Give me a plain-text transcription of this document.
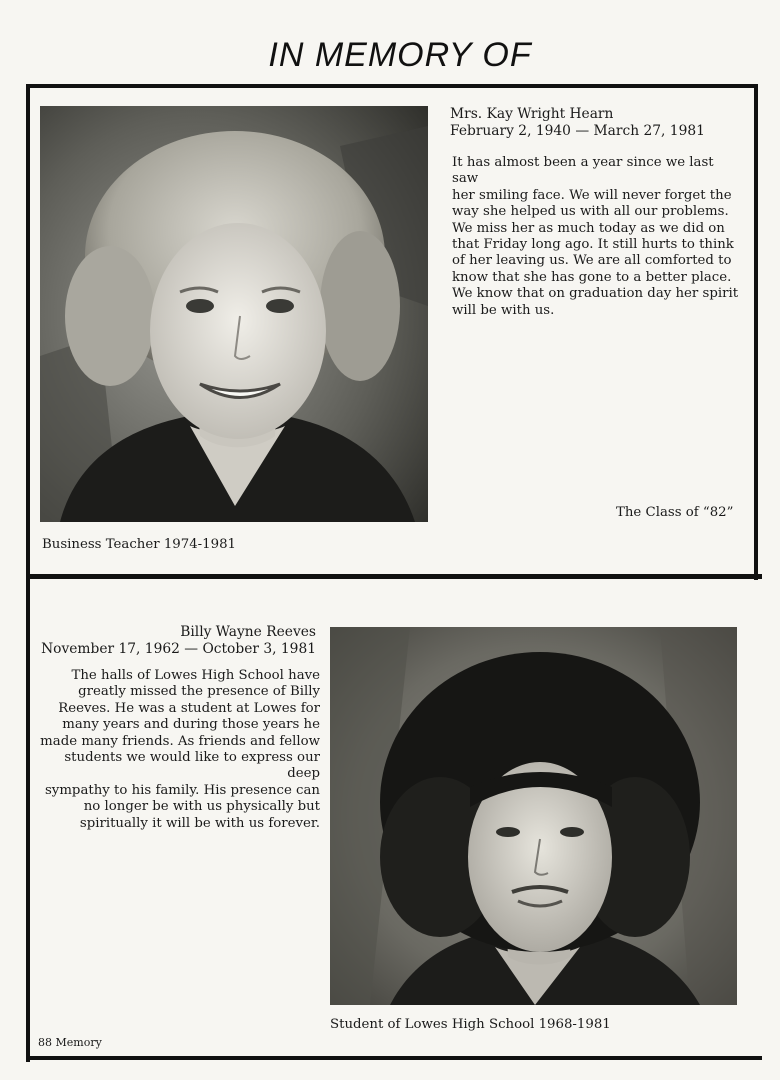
IN MEMORY OF
Mrs. Kay Wright Hearn
February 2, 1940 — March 27, 1981
It has almost been a year since we last saw
her smiling face. We will never forget the
way she helped us with all our problems.
We miss her as much today as we did on
that Friday long ago. It still hurts to think
of her leaving us. We are all comforted to
know that she has gone to a better place.
We know that on graduation day her spirit
will be with us.
The Class of “82”
Business Teacher 1974-1981
Billy Wayne Reeves
November 17, 1962 — October 3, 1981
The halls of Lowes High School have
greatly missed the presence of Billy
Reeves. He was a student at Lowes for
many years and during those years he
made many friends. As friends and fellow
students we would like to express our deep
sympathy to his family. His presence can
no longer be with us physically but
spiritually it will be with us forever.
Student of Lowes High School 1968-1981
88 Memory
